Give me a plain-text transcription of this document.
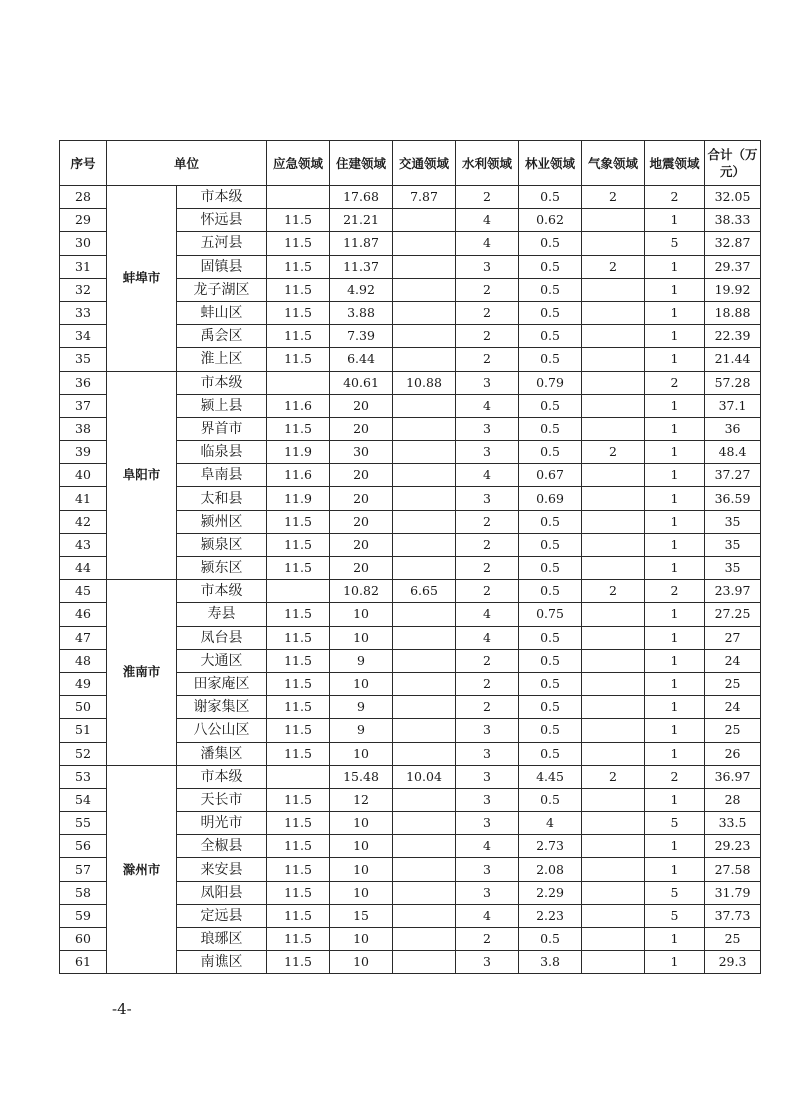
序号	单位		应急领域	住建领域	交通领域	水利领域	林业领域	气象领域	地震领域	合计（万元）
28	蚌埠市	市本级		17.68	7.87	2	0.5	2	2	32.05
29		怀远县	11.5	21.21		4	0.62		1	38.33
30		五河县	11.5	11.87		4	0.5		5	32.87
31		固镇县	11.5	11.37		3	0.5	2	1	29.37
32		龙子湖区	11.5	4.92		2	0.5		1	19.92
33		蚌山区	11.5	3.88		2	0.5		1	18.88
34		禹会区	11.5	7.39		2	0.5		1	22.39
35		淮上区	11.5	6.44		2	0.5		1	21.44
36	阜阳市	市本级		40.61	10.88	3	0.79		2	57.28
37		颍上县	11.6	20		4	0.5		1	37.1
38		界首市	11.5	20		3	0.5		1	36
39		临泉县	11.9	30		3	0.5	2	1	48.4
40		阜南县	11.6	20		4	0.67		1	37.27
41		太和县	11.9	20		3	0.69		1	36.59
42		颍州区	11.5	20		2	0.5		1	35
43		颍泉区	11.5	20		2	0.5		1	35
44		颍东区	11.5	20		2	0.5		1	35
45	淮南市	市本级		10.82	6.65	2	0.5	2	2	23.97
46		寿县	11.5	10		4	0.75		1	27.25
47		凤台县	11.5	10		4	0.5		1	27
48		大通区	11.5	9		2	0.5		1	24
49		田家庵区	11.5	10		2	0.5		1	25
50		谢家集区	11.5	9		2	0.5		1	24
51		八公山区	11.5	9		3	0.5		1	25
52		潘集区	11.5	10		3	0.5		1	26
53	滁州市	市本级		15.48	10.04	3	4.45	2	2	36.97
54		天长市	11.5	12		3	0.5		1	28
55		明光市	11.5	10		3	4		5	33.5
56		全椒县	11.5	10		4	2.73		1	29.23
57		来安县	11.5	10		3	2.08		1	27.58
58		凤阳县	11.5	10		3	2.29		5	31.79
59		定远县	11.5	15		4	2.23		5	37.73
60		琅琊区	11.5	10		2	0.5		1	25
61		南谯区	11.5	10		3	3.8		1	29.3
-4-
